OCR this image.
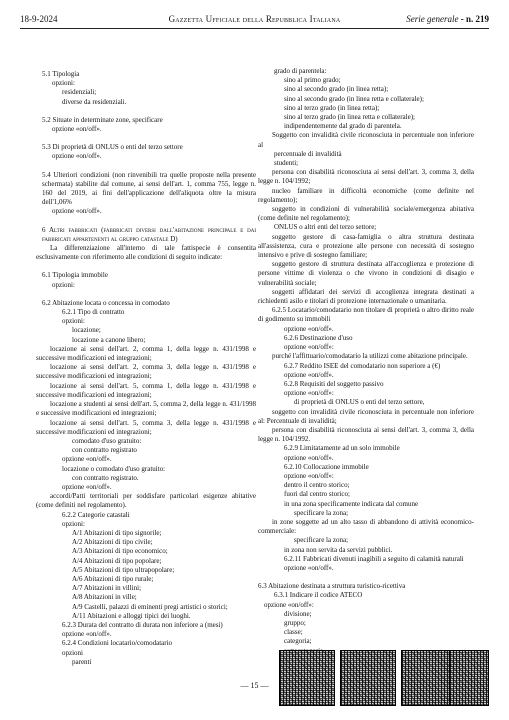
18-9-2024	Gazzetta Ufficiale della Repubblica Italiana	Serie generale - n. 219

5.1 Tipologia

opzioni:

residenziali;

diverse da residenziali.

5.2 Situate in determinate zone, specificare

opzione «on/off».

5.3 Di proprietà di ONLUS o enti del terzo settore

opzione «on/off».

5.4 Ulteriori condizioni (non rinvenibili tra quelle proposte nella presente schermata) stabilite dal comune, ai sensi dell'art. 1, comma 755, legge n. 160 del 2019, ai fini dell'applicazione dell'aliquota oltre la misura dell'1,06%

opzione «on/off».

6 Altri fabbricati (fabbricati diversi dall'abitazione principale e dai fabbricati appartenenti al gruppo catastale D)

La differenziazione all'interno di tale fattispecie è consentita esclusivamente con riferimento alle condizioni di seguito indicate:

6.1 Tipologia immobile

opzioni:

6.2 Abitazione locata o concessa in comodato

6.2.1 Tipo di contratto

opzioni:

locazione;

locazione a canone libero;

locazione ai sensi dell'art. 2, comma 1, della legge n. 431/1998 e successive modificazioni ed integrazioni;

locazione ai sensi dell'art. 2, comma 3, della legge n. 431/1998 e successive modificazioni ed integrazioni;

locazione ai sensi dell'art. 5, comma 1, della legge n. 431/1998 e successive modificazioni ed integrazioni;

locazione a studenti ai sensi dell'art. 5, comma 2, della legge n. 431/1998 e successive modificazioni ed integrazioni;

locazione ai sensi dell'art. 5, comma 3, della legge n. 431/1998 e successive modificazioni ed integrazioni;

comodato d'uso gratuito:

con contratto registrato

opzione «on/off».

locazione o comodato d'uso gratuito:

con contratto registrato.

opzione «on/off».

accordi/Patti territoriali per soddisfare particolari esigenze abitative (come definiti nel regolamento).

6.2.2 Categorie catastali

opzioni:

A/1 Abitazioni di tipo signorile;

A/2 Abitazioni di tipo civile;

A/3 Abitazioni di tipo economico;

A/4 Abitazioni di tipo popolare;

A/5 Abitazioni di tipo ultrapopolare;

A/6 Abitazioni di tipo rurale;

A/7 Abitazioni in villini;

A/8 Abitazioni in ville;

A/9 Castelli, palazzi di eminenti pregi artistici o storici;

A/11 Abitazioni e alloggi tipici dei luoghi.

6.2.3 Durata del contratto di durata non inferiore a (mesi)

opzione «on/off».

6.2.4 Condizioni locatario/comodatario

opzioni

parenti

grado di parentela:

sino al primo grado;

sino al secondo grado (in linea retta);

sino al secondo grado (in linea retta e collaterale);

sino al terzo grado (in linea retta);

sino al terzo grado (in linea retta e collaterale);

indipendentemente dal grado di parentela.

Soggetto con invalidità civile riconosciuta in percentuale non inferiore al

percentuale di invalidità

studenti;

persona con disabilità riconosciuta ai sensi dell'art. 3, comma 3, della legge n. 104/1992;

nucleo familiare in difficoltà economiche (come definite nel regolamento);

soggetto in condizioni di vulnerabilità sociale/emergenza abitativa (come definite nel regolamento);

ONLUS o altri enti del terzo settore;

soggetto gestore di casa-famiglia o altra struttura destinata all'assistenza, cura e protezione alle persone con necessità di sostegno intensivo e prive di sostegno familiare;

soggetto gestore di struttura destinata all'accoglienza e protezione di persone vittime di violenza o che vivono in condizioni di disagio e vulnerabilità sociale;

soggetti affidatari dei servizi di accoglienza integrata destinati a richiedenti asilo e titolari di protezione internazionale o umanitaria.

6.2.5 Locatario/comodatario non titolare di proprietà o altro diritto reale di godimento su immobili

opzione «on/off».

6.2.6 Destinazione d'uso

opzione «on/off»:

purché l'affittuario/comodatario la utilizzi come abitazione principale.

6.2.7 Reddito ISEE del comodatario non superiore a (€)

opzione «on/off».

6.2.8 Requisiti del soggetto passivo

opzione «on/off»:

di proprietà di ONLUS o enti del terzo settore,

soggetto con invalidità civile riconosciuta in percentuale non inferiore al: Percentuale di invalidità;

persona con disabilità riconosciuta ai sensi dell'art. 3, comma 3, della legge n. 104/1992.

6.2.9 Limitatamente ad un solo immobile

opzione «on/off».

6.2.10 Collocazione immobile

opzione «on/off»:

dentro il centro storico;

fuori dal centro storico;

in una zona specificamente indicata dal comune

specificare la zona;

in zone soggette ad un alto tasso di abbandono di attività economico-commerciale:

specificare la zona;

in zona non servita da servizi pubblici.

6.2.11 Fabbricati divenuti inagibili a seguito di calamità naturali

opzione «on/off».

6.3 Abitazione destinata a struttura turistico-ricettiva

6.3.1 Indicare il codice ATECO

opzione «on/off»:

divisione;

gruppo;

classe;

categoria;

— 15 —
